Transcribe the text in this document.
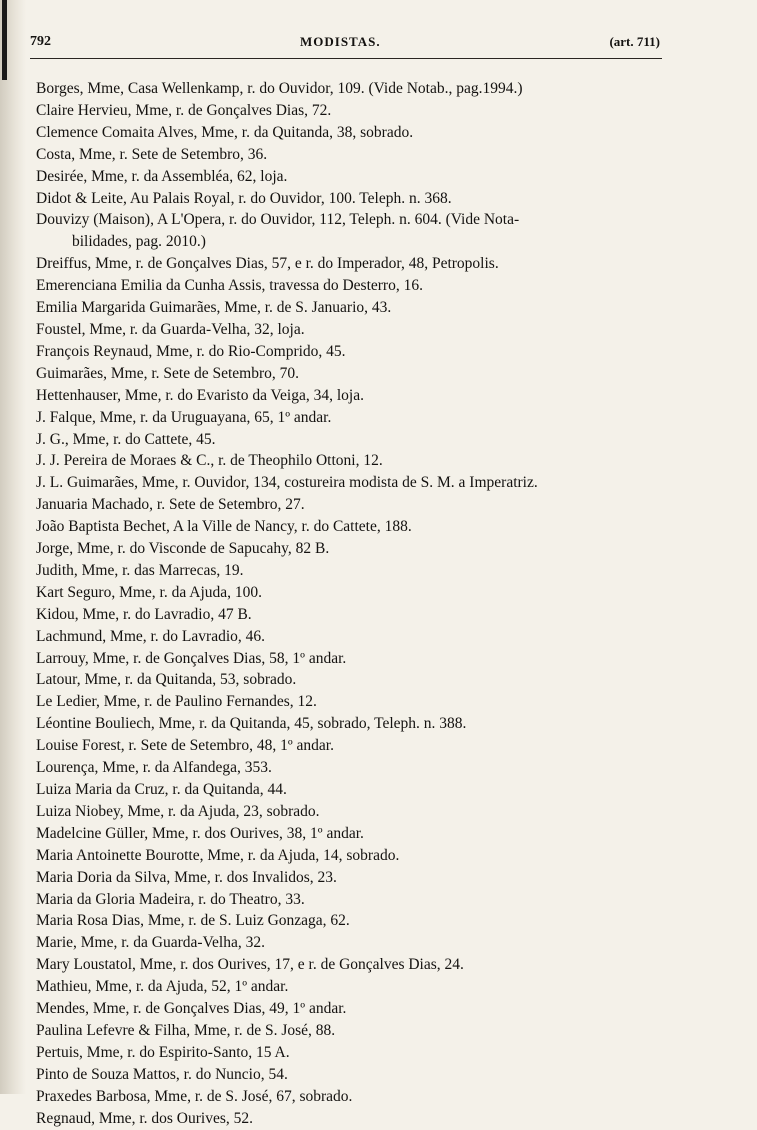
792	MODISTAS.	(art. 711)
Borges, Mme, Casa Wellenkamp, r. do Ouvidor, 109. (Vide Notab., pag.1994.)
Claire Hervieu, Mme, r. de Gonçalves Dias, 72.
Clemence Comaita Alves, Mme, r. da Quitanda, 38, sobrado.
Costa, Mme, r. Sete de Setembro, 36.
Desirée, Mme, r. da Assembléa, 62, loja.
Didot & Leite, Au Palais Royal, r. do Ouvidor, 100. Teleph. n. 368.
Douvizy (Maison), A L'Opera, r. do Ouvidor, 112, Teleph. n. 604. (Vide Nota-
bilidades, pag. 2010.)
Dreiffus, Mme, r. de Gonçalves Dias, 57, e r. do Imperador, 48, Petropolis.
Emerenciana Emilia da Cunha Assis, travessa do Desterro, 16.
Emilia Margarida Guimarães, Mme, r. de S. Januario, 43.
Foustel, Mme, r. da Guarda-Velha, 32, loja.
François Reynaud, Mme, r. do Rio-Comprido, 45.
Guimarães, Mme, r. Sete de Setembro, 70.
Hettenhauser, Mme, r. do Evaristo da Veiga, 34, loja.
J. Falque, Mme, r. da Uruguayana, 65, 1º andar.
J. G., Mme, r. do Cattete, 45.
J. J. Pereira de Moraes & C., r. de Theophilo Ottoni, 12.
J. L. Guimarães, Mme, r. Ouvidor, 134, costureira modista de S. M. a Imperatriz.
Januaria Machado, r. Sete de Setembro, 27.
João Baptista Bechet, A la Ville de Nancy, r. do Cattete, 188.
Jorge, Mme, r. do Visconde de Sapucahy, 82 B.
Judith, Mme, r. das Marrecas, 19.
Kart Seguro, Mme, r. da Ajuda, 100.
Kidou, Mme, r. do Lavradio, 47 B.
Lachmund, Mme, r. do Lavradio, 46.
Larrouy, Mme, r. de Gonçalves Dias, 58, 1º andar.
Latour, Mme, r. da Quitanda, 53, sobrado.
Le Ledier, Mme, r. de Paulino Fernandes, 12.
Léontine Bouliech, Mme, r. da Quitanda, 45, sobrado, Teleph. n. 388.
Louise Forest, r. Sete de Setembro, 48, 1º andar.
Lourença, Mme, r. da Alfandega, 353.
Luiza Maria da Cruz, r. da Quitanda, 44.
Luiza Niobey, Mme, r. da Ajuda, 23, sobrado.
Madelcine Güller, Mme, r. dos Ourives, 38, 1º andar.
Maria Antoinette Bourotte, Mme, r. da Ajuda, 14, sobrado.
Maria Doria da Silva, Mme, r. dos Invalidos, 23.
Maria da Gloria Madeira, r. do Theatro, 33.
Maria Rosa Dias, Mme, r. de S. Luiz Gonzaga, 62.
Marie, Mme, r. da Guarda-Velha, 32.
Mary Loustatol, Mme, r. dos Ourives, 17, e r. de Gonçalves Dias, 24.
Mathieu, Mme, r. da Ajuda, 52, 1º andar.
Mendes, Mme, r. de Gonçalves Dias, 49, 1º andar.
Paulina Lefevre & Filha, Mme, r. de S. José, 88.
Pertuis, Mme, r. do Espirito-Santo, 15 A.
Pinto de Souza Mattos, r. do Nuncio, 54.
Praxedes Barbosa, Mme, r. de S. José, 67, sobrado.
Regnaud, Mme, r. dos Ourives, 52.
